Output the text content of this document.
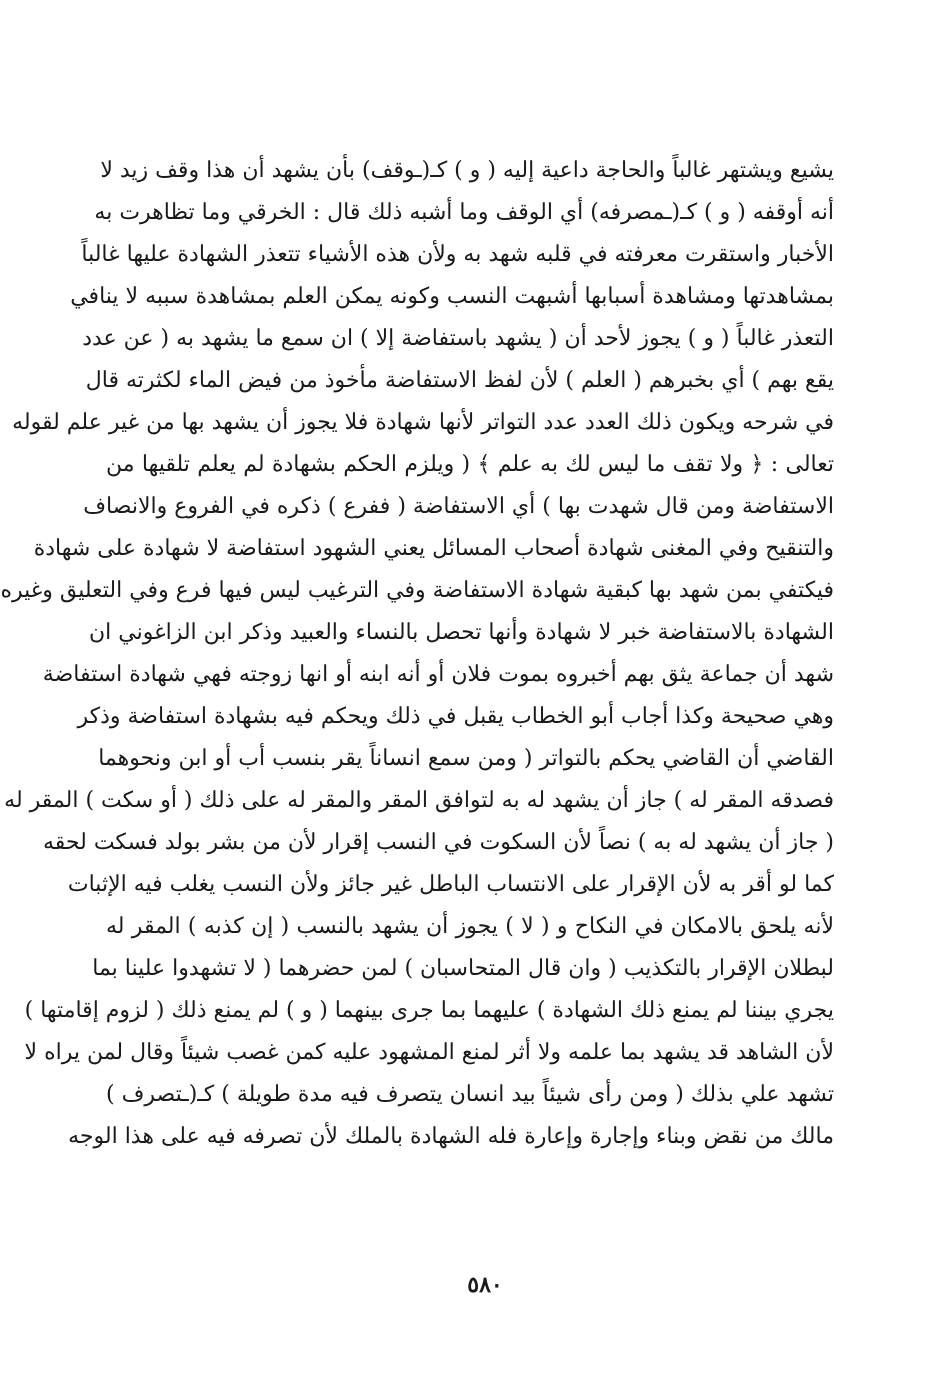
يشيع ويشتهر غالباً والحاجة داعية إليه ( و ) كـ(ـوقف) بأن يشهد أن هذا وقف زيد لا
أنه أوقفه ( و ) كـ(ـمصرفه) أي الوقف وما أشبه ذلك قال : الخرقي وما تظاهرت به
الأخبار واستقرت معرفته في قلبه شهد به ولأن هذه الأشياء تتعذر الشهادة عليها غالباً
بمشاهدتها ومشاهدة أسبابها أشبهت النسب وكونه يمكن العلم بمشاهدة سببه لا ينافي
التعذر غالباً ( و ) يجوز لأحد أن ( يشهد باستفاضة إلا ) ان سمع ما يشهد به ( عن عدد
يقع بهم ) أي بخبرهم ( العلم ) لأن لفظ الاستفاضة مأخوذ من فيض الماء لكثرته قال
في شرحه ويكون ذلك العدد عدد التواتر لأنها شهادة فلا يجوز أن يشهد بها من غير علم لقوله
تعالى : ﴿ ولا تقف ما ليس لك به علم ﴾ ( ويلزم الحكم بشهادة لم يعلم تلقيها من
الاستفاضة ومن قال شهدت بها ) أي الاستفاضة ( ففرع ) ذكره في الفروع والانصاف
والتنقيح وفي المغنى شهادة أصحاب المسائل يعني الشهود استفاضة لا شهادة على شهادة
فيكتفي بمن شهد بها كبقية شهادة الاستفاضة وفي الترغيب ليس فيها فرع وفي التعليق وغيره
الشهادة بالاستفاضة خبر لا شهادة وأنها تحصل بالنساء والعبيد وذكر ابن الزاغوني ان
شهد أن جماعة يثق بهم أخبروه بموت فلان أو أنه ابنه أو انها زوجته فهي شهادة استفاضة
وهي صحيحة وكذا أجاب أبو الخطاب يقبل في ذلك ويحكم فيه بشهادة استفاضة وذكر
القاضي أن القاضي يحكم بالتواتر ( ومن سمع انساناً يقر بنسب أب أو ابن ونحوهما
فصدقه المقر له ) جاز أن يشهد له به لتوافق المقر والمقر له على ذلك ( أو سكت ) المقر له
( جاز أن يشهد له به ) نصاً لأن السكوت في النسب إقرار لأن من بشر بولد فسكت لحقه
كما لو أقر به لأن الإقرار على الانتساب الباطل غير جائز ولأن النسب يغلب فيه الإثبات
لأنه يلحق بالامكان في النكاح و ( لا ) يجوز أن يشهد بالنسب ( إن كذبه ) المقر له
لبطلان الإقرار بالتكذيب ( وان قال المتحاسبان ) لمن حضرهما ( لا تشهدوا علينا بما
يجري بيننا لم يمنع ذلك الشهادة ) عليهما بما جرى بينهما ( و ) لم يمنع ذلك ( لزوم إقامتها )
لأن الشاهد قد يشهد بما علمه ولا أثر لمنع المشهود عليه كمن غصب شيئاً وقال لمن يراه لا
تشهد علي بذلك ( ومن رأى شيئاً بيد انسان يتصرف فيه مدة طويلة ) كـ(ـتصرف )
مالك من نقض وبناء وإجارة وإعارة فله الشهادة بالملك لأن تصرفه فيه على هذا الوجه
٥٨٠
